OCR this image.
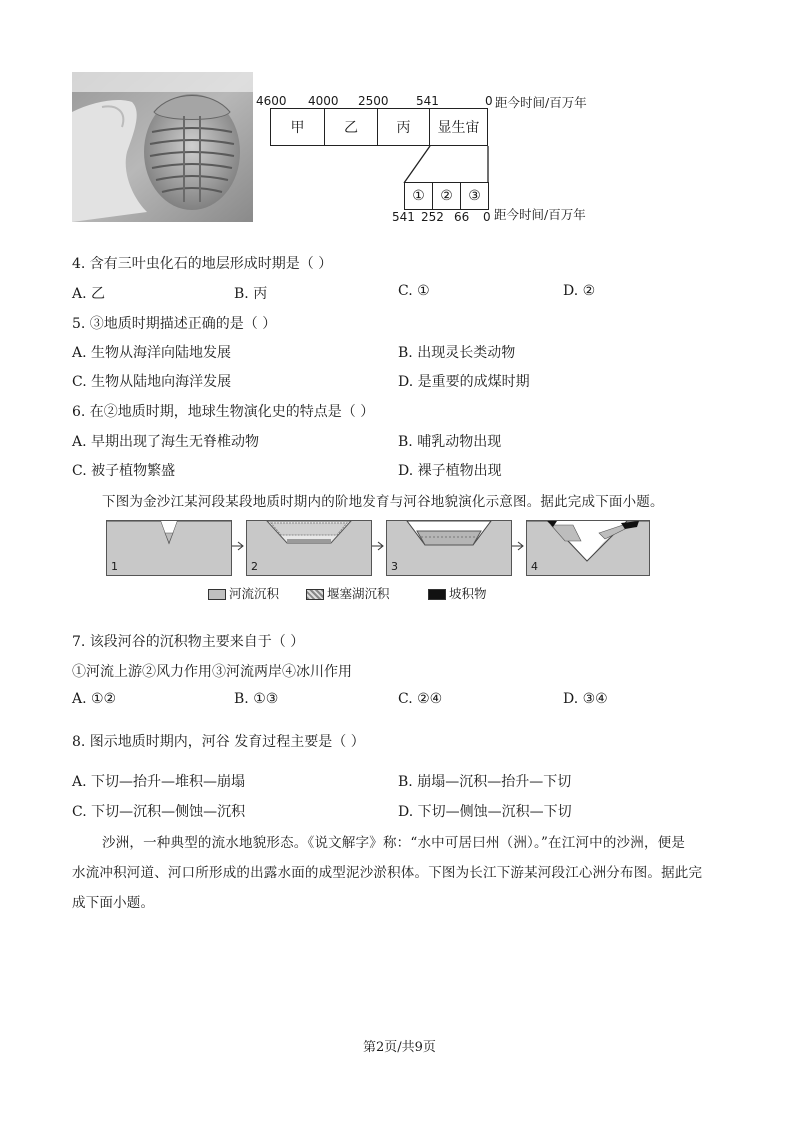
4600 4000 2500 541	0 距今时间/百万年
甲	乙	丙 显生宙
① ② ③
541 252 66 0 距今时间/百万年
4. 含有三叶虫化石的地层形成时期是（ ）
A. 乙	B. 丙	C. ①	D. ②
5. ③地质时期描述正确的是（ ）
A. 生物从海洋向陆地发展	B. 出现灵长类动物
C. 生物从陆地向海洋发展	D. 是重要的成煤时期
6. 在②地质时期，地球生物演化史的特点是（ ）
A. 早期出现了海生无脊椎动物	B. 哺乳动物出现
C. 被子植物繁盛	D. 裸子植物出现
下图为金沙江某河段某段地质时期内的阶地发育与河谷地貌演化示意图。据此完成下面小题。
1	2	3	4
河流沉积	堰塞湖沉积	坡积物
7. 该段河谷的沉积物主要来自于（ ）
①河流上游②风力作用③河流两岸④冰川作用
A. ①②	B. ①③	C. ②④	D. ③④
8. 图示地质时期内，河谷 发育过程主要是（ ）
A. 下切—抬升—堆积—崩塌	B. 崩塌—沉积—抬升—下切
C. 下切—沉积—侧蚀—沉积	D. 下切—侧蚀—沉积—下切
沙洲，一种典型的流水地貌形态。《说文解字》称：“水中可居曰州（洲）。”在江河中的沙洲，便是
水流冲积河道、河口所形成的出露水面的成型泥沙淤积体。下图为长江下游某河段江心洲分布图。据此完
成下面小题。
第2页/共9页
